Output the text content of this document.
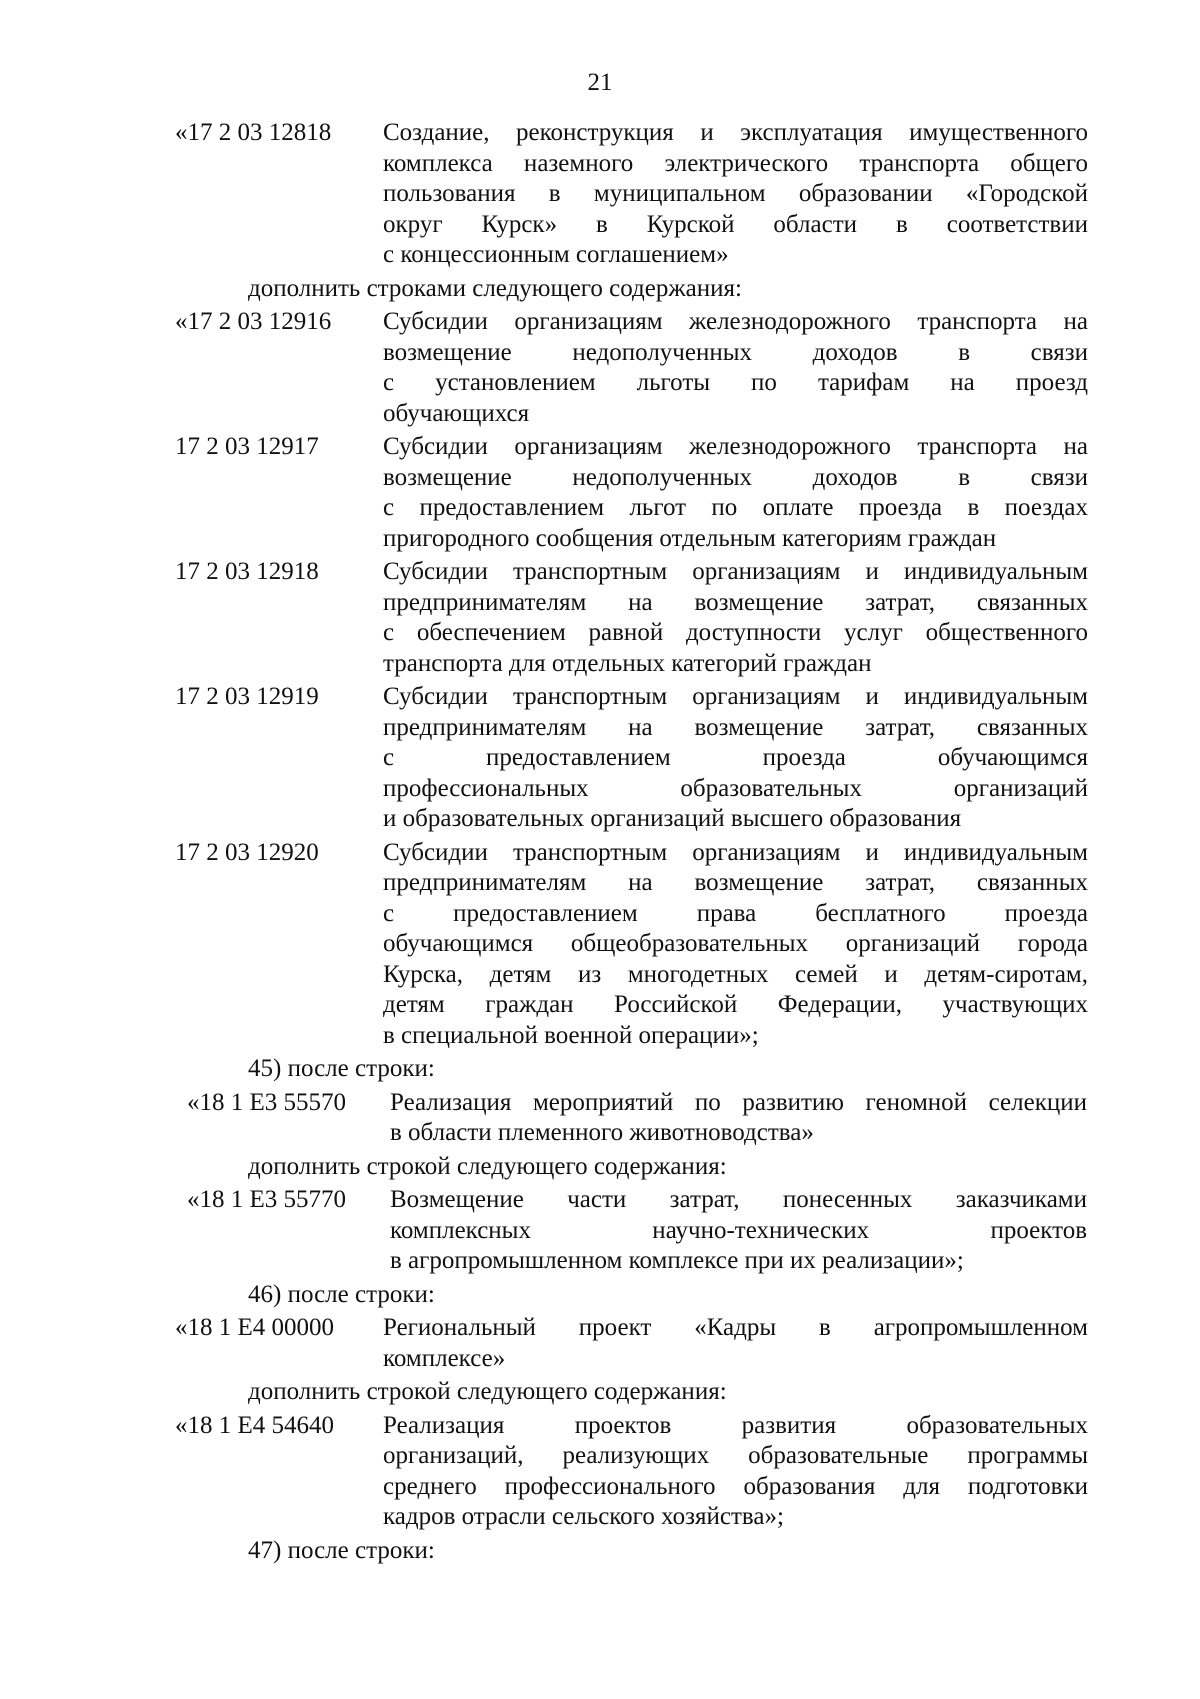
21
«17 2 03 12818 Создание, реконструкция и эксплуатация имущественного
комплекса наземного электрического транспорта общего
пользования в муниципальном образовании «Городской
округ Курск» в Курской области в соответствии
с концессионным соглашением»
дополнить строками следующего содержания:
«17 2 03 12916 Субсидии организациям железнодорожного транспорта на
возмещение недополученных доходов в связи
с установлением льготы по тарифам на проезд
обучающихся
17 2 03 12917	Субсидии организациям железнодорожного транспорта на
возмещение недополученных доходов в связи
с предоставлением льгот по оплате проезда в поездах
пригородного сообщения отдельным категориям граждан
17 2 03 12918	Субсидии транспортным организациям и индивидуальным
предпринимателям на возмещение затрат, связанных
с обеспечением равной доступности услуг общественного
транспорта для отдельных категорий граждан
17 2 03 12919	Субсидии транспортным организациям и индивидуальным
предпринимателям на возмещение затрат, связанных
с предоставлением проезда обучающимся
профессиональных образовательных организаций
и образовательных организаций высшего образования
17 2 03 12920	Субсидии транспортным организациям и индивидуальным
предпринимателям на возмещение затрат, связанных
с предоставлением права бесплатного проезда
обучающимся общеобразовательных организаций города
Курска, детям из многодетных семей и детям-сиротам,
детям граждан Российской Федерации, участвующих
в специальной военной операции»;
45) после строки:
«18 1 Е3 55570 Реализация мероприятий по развитию геномной селекции
в области племенного животноводства»
дополнить строкой следующего содержания:
«18 1 Е3 55770 Возмещение части затрат, понесенных заказчиками
комплексных научно-технических проектов
в агропромышленном комплексе при их реализации»;
46) после строки:
«18 1 Е4 00000 Региональный проект «Кадры в агропромышленном
комплексе»
дополнить строкой следующего содержания:
«18 1 Е4 54640 Реализация проектов развития образовательных
организаций, реализующих образовательные программы
среднего профессионального образования для подготовки
кадров отрасли сельского хозяйства»;
47) после строки:
